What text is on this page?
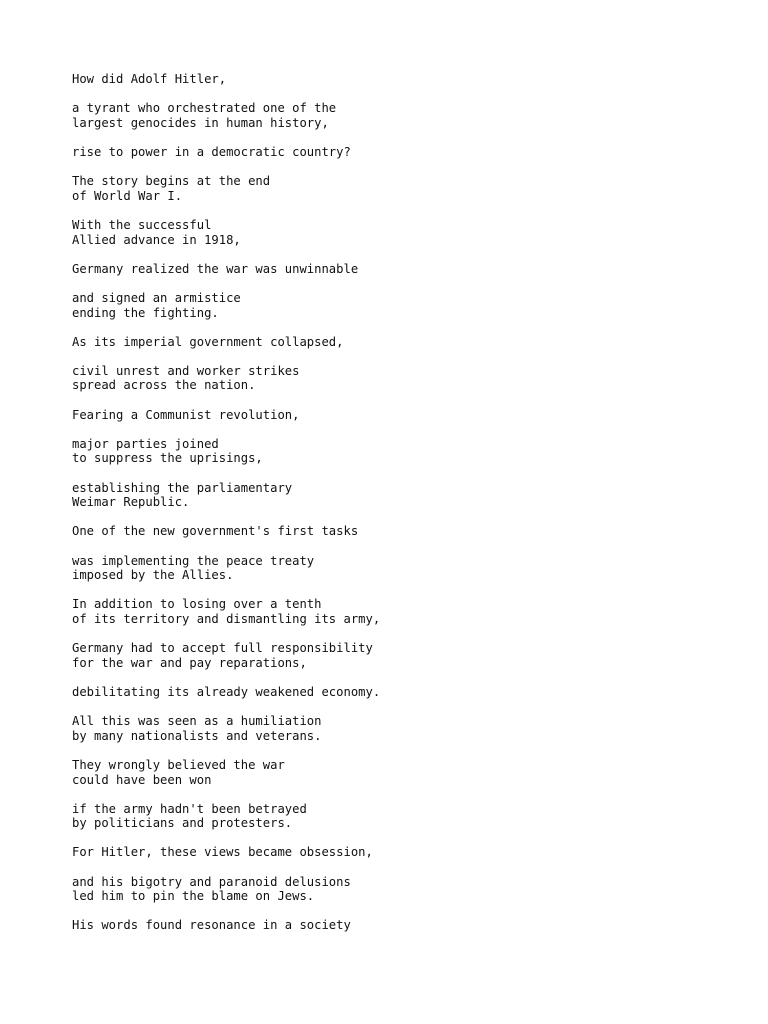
How did Adolf Hitler,
a tyrant who orchestrated one of the
largest genocides in human history,
rise to power in a democratic country?
The story begins at the end
of World War I.
With the successful
Allied advance in 1918,
Germany realized the war was unwinnable
and signed an armistice
ending the fighting.
As its imperial government collapsed,
civil unrest and worker strikes
spread across the nation.
Fearing a Communist revolution,
major parties joined
to suppress the uprisings,
establishing the parliamentary
Weimar Republic.
One of the new government's first tasks
was implementing the peace treaty
imposed by the Allies.
In addition to losing over a tenth
of its territory and dismantling its army,
Germany had to accept full responsibility
for the war and pay reparations,
debilitating its already weakened economy.
All this was seen as a humiliation
by many nationalists and veterans.
They wrongly believed the war
could have been won
if the army hadn't been betrayed
by politicians and protesters.
For Hitler, these views became obsession,
and his bigotry and paranoid delusions
led him to pin the blame on Jews.
His words found resonance in a society
